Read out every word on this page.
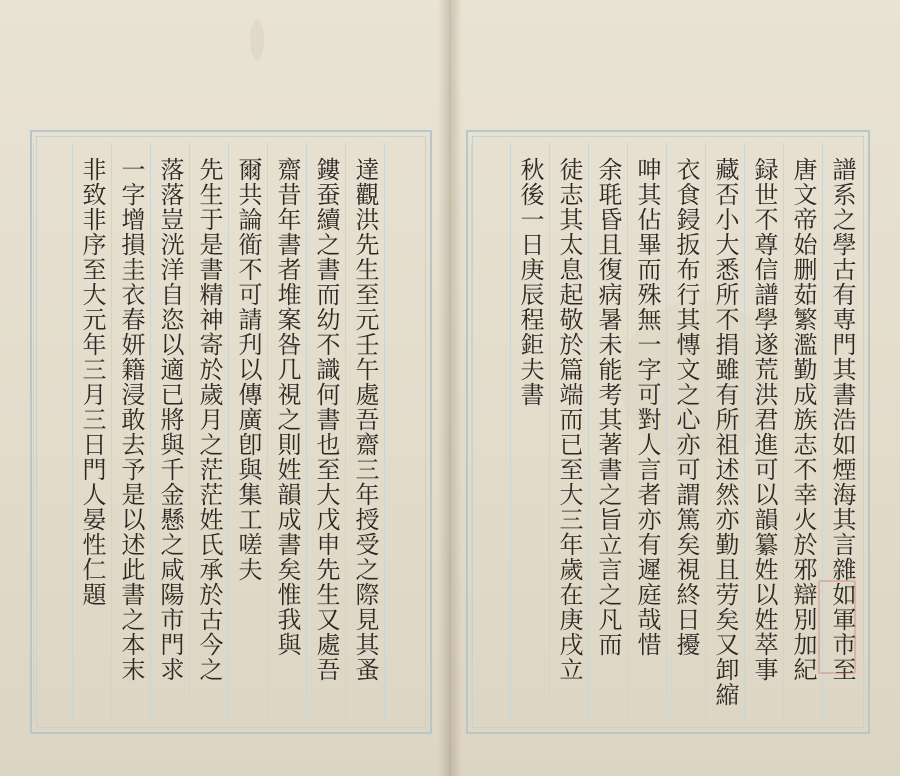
譜系之學古有専門其書浩如煙海其言雜如軍市至
唐文帝始删茹繁濫勤成族志不幸火於邪辯別加紀
録世不尊信譜學遂荒洪君進可以韻纂姓以姓萃事
藏否小大悉所不捐雖有所祖述然亦勤且劳矣又卸縮
衣食鋟扳布行其慱文之心亦可謂篤矣視終日擾
呻其佔畢而殊無一字可對人言者亦有遲庭哉惜
余毦昏且復病暑未能考其著書之旨立言之凡而
徒志其太息起敬於篇端而已至大三年歲在庚戌立
秋後一日庚辰程鉅夫書
達觀洪先生至元壬午處吾齋三年授受之際見其蚤
鏤蚕續之書而幼不識何書也至大戊申先生又處吾
齋昔年書者堆案咎几視之則姓韻成書矣惟我與
爾共論衜不可請刋以傳廣卽與集工嗟夫
先生于是書精神寄於歲月之茫茫姓氏承於古今之
落落豈洸洋自恣以適已將與千金懸之咸陽市門求
一字增損圭衣春妍籍浸敢去予是以述此書之本末
非致非序至大元年三月三日門人晏性仁題
